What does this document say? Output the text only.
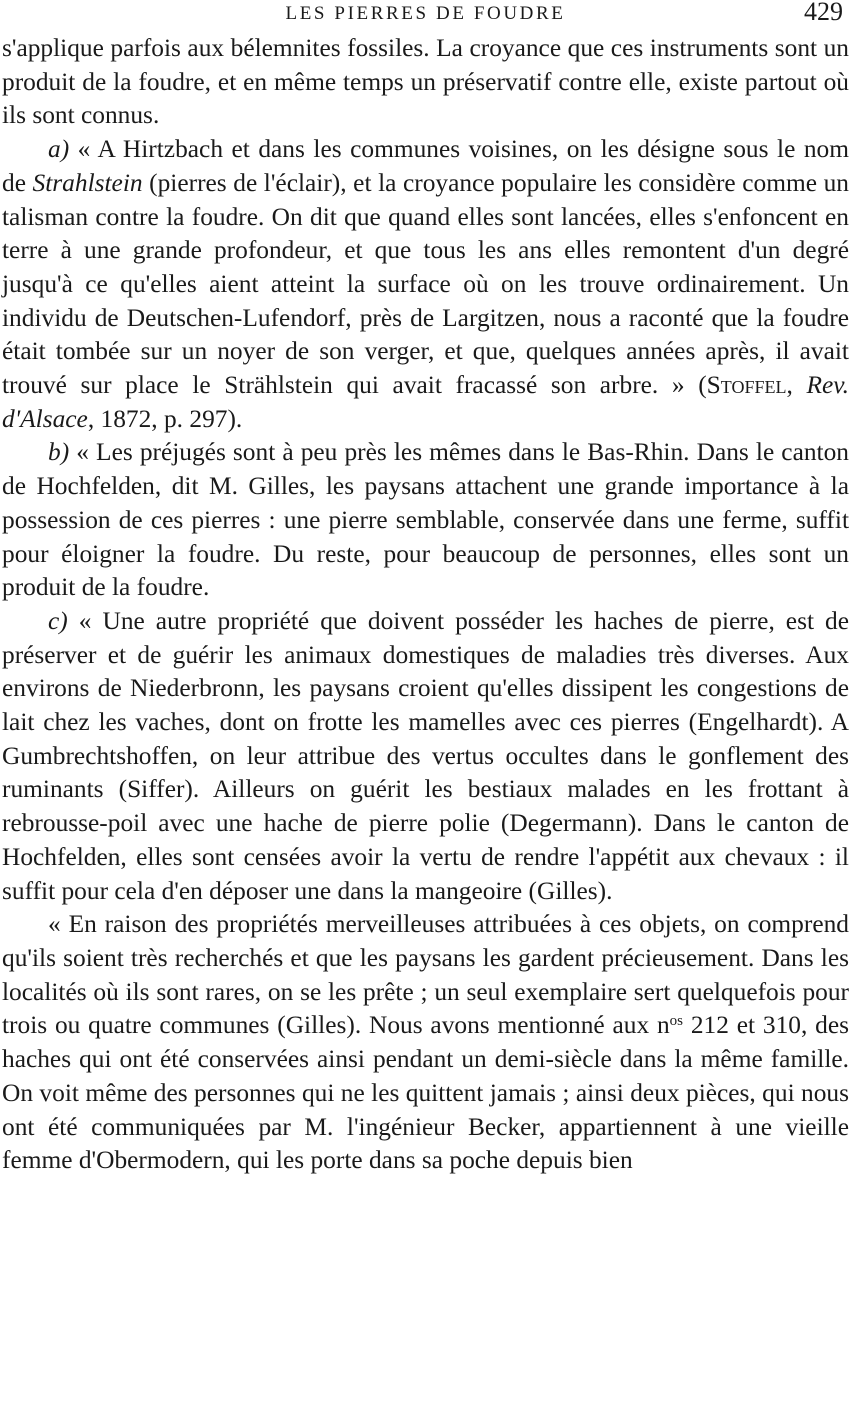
LES PIERRES DE FOUDRE	429

s'applique parfois aux bélemnites fossiles. La croyance que ces instruments sont un produit de la foudre, et en même temps un préservatif contre elle, existe partout où ils sont connus.

a) « A Hirtzbach et dans les communes voisines, on les désigne sous le nom de Strahlstein (pierres de l'éclair), et la croyance populaire les considère comme un talisman contre la foudre. On dit que quand elles sont lancées, elles s'enfoncent en terre à une grande profondeur, et que tous les ans elles remontent d'un degré jusqu'à ce qu'elles aient atteint la surface où on les trouve ordinairement. Un individu de Deutschen-Lufendorf, près de Largitzen, nous a raconté que la foudre était tombée sur un noyer de son verger, et que, quelques années après, il avait trouvé sur place le Strählstein qui avait fracassé son arbre. » (Stoffel, Rev. d'Alsace, 1872, p. 297).

b) « Les préjugés sont à peu près les mêmes dans le Bas-Rhin. Dans le canton de Hochfelden, dit M. Gilles, les paysans attachent une grande importance à la possession de ces pierres : une pierre semblable, conservée dans une ferme, suffit pour éloigner la foudre. Du reste, pour beaucoup de personnes, elles sont un produit de la foudre.

c) « Une autre propriété que doivent posséder les haches de pierre, est de préserver et de guérir les animaux domestiques de maladies très diverses. Aux environs de Niederbronn, les paysans croient qu'elles dissipent les congestions de lait chez les vaches, dont on frotte les mamelles avec ces pierres (Engelhardt). A Gumbrechtshoffen, on leur attribue des vertus occultes dans le gonflement des ruminants (Siffer). Ailleurs on guérit les bestiaux malades en les frottant à rebrousse-poil avec une hache de pierre polie (Degermann). Dans le canton de Hochfelden, elles sont censées avoir la vertu de rendre l'appétit aux chevaux : il suffit pour cela d'en déposer une dans la mangeoire (Gilles).

« En raison des propriétés merveilleuses attribuées à ces objets, on comprend qu'ils soient très recherchés et que les paysans les gardent précieusement. Dans les localités où ils sont rares, on se les prête ; un seul exemplaire sert quelquefois pour trois ou quatre communes (Gilles). Nous avons mentionné aux $n^{os}$ 212 et 310, des haches qui ont été conservées ainsi pendant un demi-siècle dans la même famille. On voit même des personnes qui ne les quittent jamais ; ainsi deux pièces, qui nous ont été communiquées par M. l'ingénieur Becker, appartiennent à une vieille femme d'Obermodern, qui les porte dans sa poche depuis bien
